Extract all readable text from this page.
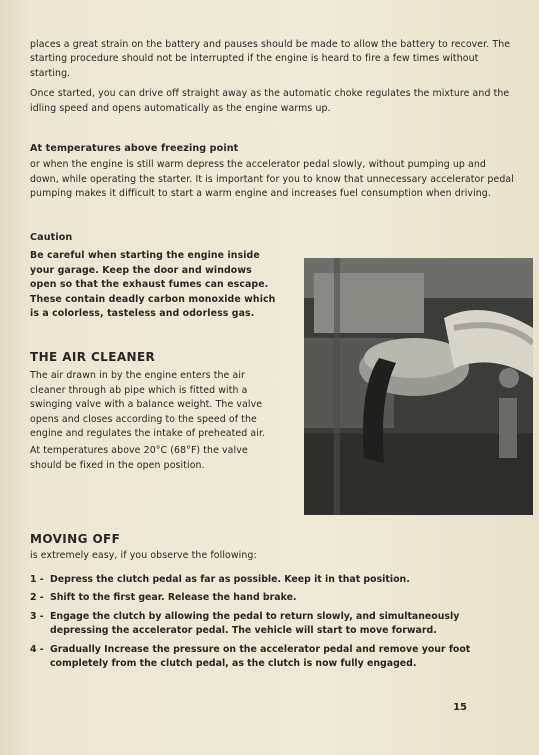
places a great strain on the battery and pauses should be made to allow the battery to recover. The starting procedure should not be interrupted if the engine is heard to fire a few times without starting.

Once started, you can drive off straight away as the automatic choke regulates the mixture and the idling speed and opens automatically as the engine warms up.

At temperatures above freezing point

or when the engine is still warm depress the accelerator pedal slowly, without pumping up and down, while operating the starter. It is important for you to know that unnecessary accelerator pedal pumping makes it difficult to start a warm engine and increases fuel consumption when driving.

Caution

Be careful when starting the engine inside your garage. Keep the door and windows open so that the exhaust fumes can escape. These contain deadly carbon monoxide which is a colorless, tasteless and odorless gas.

THE AIR CLEANER

The air drawn in by the engine enters the air cleaner through ab pipe which is fitted with a swinging valve with a balance weight. The valve opens and closes according to the speed of the engine and regulates the intake of preheated air.

At temperatures above 20°C (68°F) the valve should be fixed in the open position.

MOVING OFF

is extremely easy, if you observe the following:

1 - Depress the clutch pedal as far as possible. Keep it in that position.
2 - Shift to the first gear. Release the hand brake.
3 - Engage the clutch by allowing the pedal to return slowly, and simultaneously depressing the accelerator pedal. The vehicle will start to move forward.
4 - Gradually Increase the pressure on the accelerator pedal and remove your foot completely from the clutch pedal, as the clutch is now fully engaged.
15
